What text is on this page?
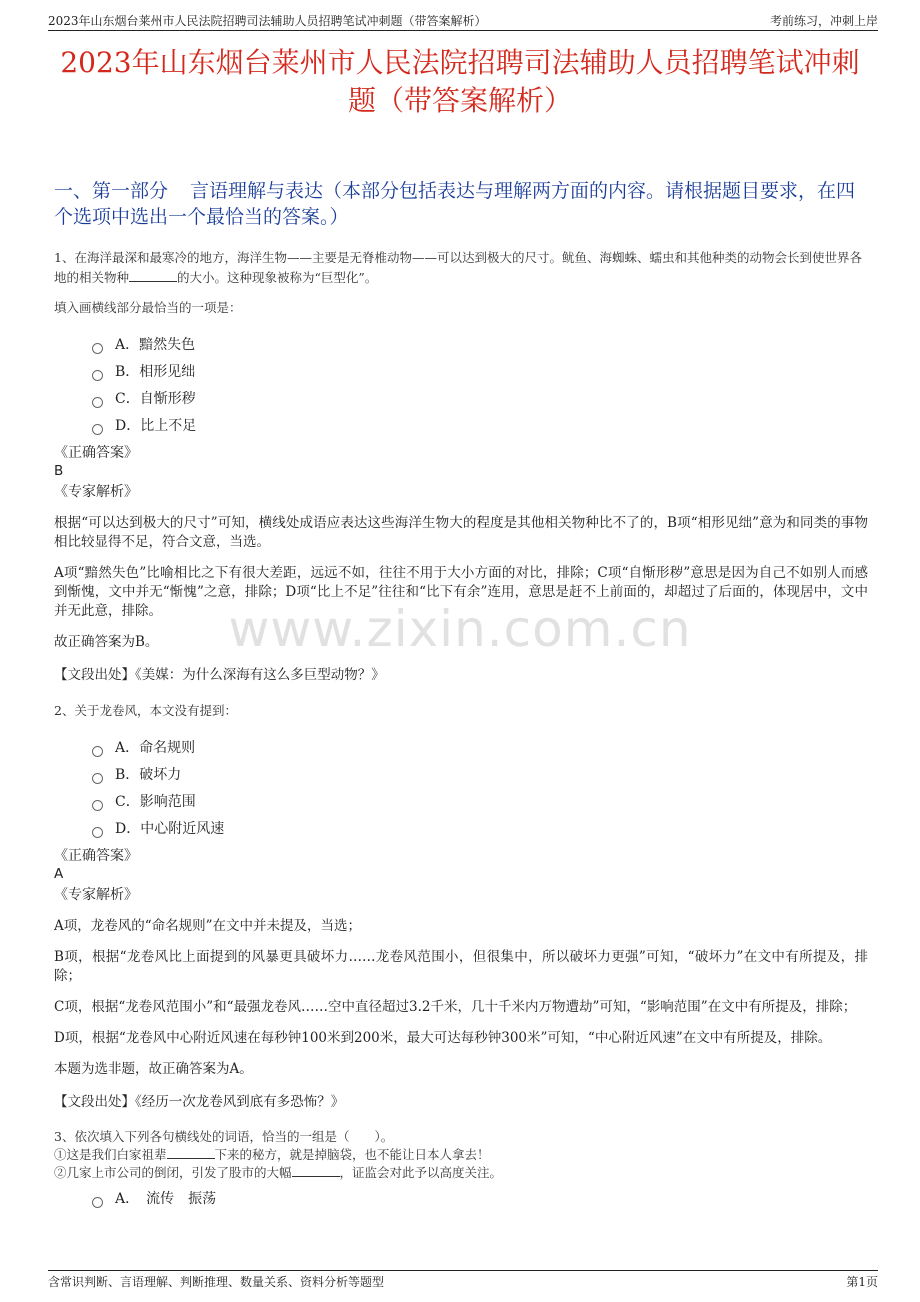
2023年山东烟台莱州市人民法院招聘司法辅助人员招聘笔试冲刺题（带答案解析）	考前练习，冲刺上岸
2023年山东烟台莱州市人民法院招聘司法辅助人员招聘笔试冲刺题（带答案解析）
一、第一部分 言语理解与表达（本部分包括表达与理解两方面的内容。请根据题目要求，在四个选项中选出一个最恰当的答案。）
www.zixin.com.cn
1、在海洋最深和最寒冷的地方，海洋生物——主要是无脊椎动物——可以达到极大的尺寸。鱿鱼、海蜘蛛、蠕虫和其他种类的动物会长到使世界各地的相关物种	的大小。这种现象被称为“巨型化”。
填入画横线部分最恰当的一项是：
A．黯然失色
B．相形见绌
C．自惭形秽
D．比上不足
《正确答案》
B
《专家解析》
根据“可以达到极大的尺寸”可知，横线处成语应表达这些海洋生物大的程度是其他相关物种比不了的，B项“相形见绌”意为和同类的事物相比较显得不足，符合文意，当选。
A项“黯然失色”比喻相比之下有很大差距，远远不如，往往不用于大小方面的对比，排除；C项“自惭形秽”意思是因为自己不如别人而感到惭愧，文中并无“惭愧”之意，排除；D项“比上不足”往往和“比下有余”连用，意思是赶不上前面的，却超过了后面的，体现居中，文中并无此意，排除。
故正确答案为B。
【文段出处】《美媒：为什么深海有这么多巨型动物？》
2、关于龙卷风，本文没有提到：
A．命名规则
B．破坏力
C．影响范围
D．中心附近风速
《正确答案》
A
《专家解析》
A项，龙卷风的“命名规则”在文中并未提及，当选；
B项，根据“龙卷风比上面提到的风暴更具破坏力……龙卷风范围小，但很集中，所以破坏力更强”可知，“破坏力”在文中有所提及，排除；
C项，根据“龙卷风范围小”和“最强龙卷风……空中直径超过3.2千米，几十千米内万物遭劫”可知，“影响范围”在文中有所提及，排除；
D项，根据“龙卷风中心附近风速在每秒钟100米到200米，最大可达每秒钟300米”可知，“中心附近风速”在文中有所提及，排除。
本题为选非题，故正确答案为A。
【文段出处】《经历一次龙卷风到底有多恐怖？》
3、依次填入下列各句横线处的词语，恰当的一组是（　　）。
①这是我们白家祖辈	下来的秘方，就是掉脑袋，也不能让日本人拿去！
②几家上市公司的倒闭，引发了股市的大幅	，证监会对此予以高度关注。
A．　流传　振荡
含常识判断、言语理解、判断推理、数量关系、资料分析等题型	第1页
